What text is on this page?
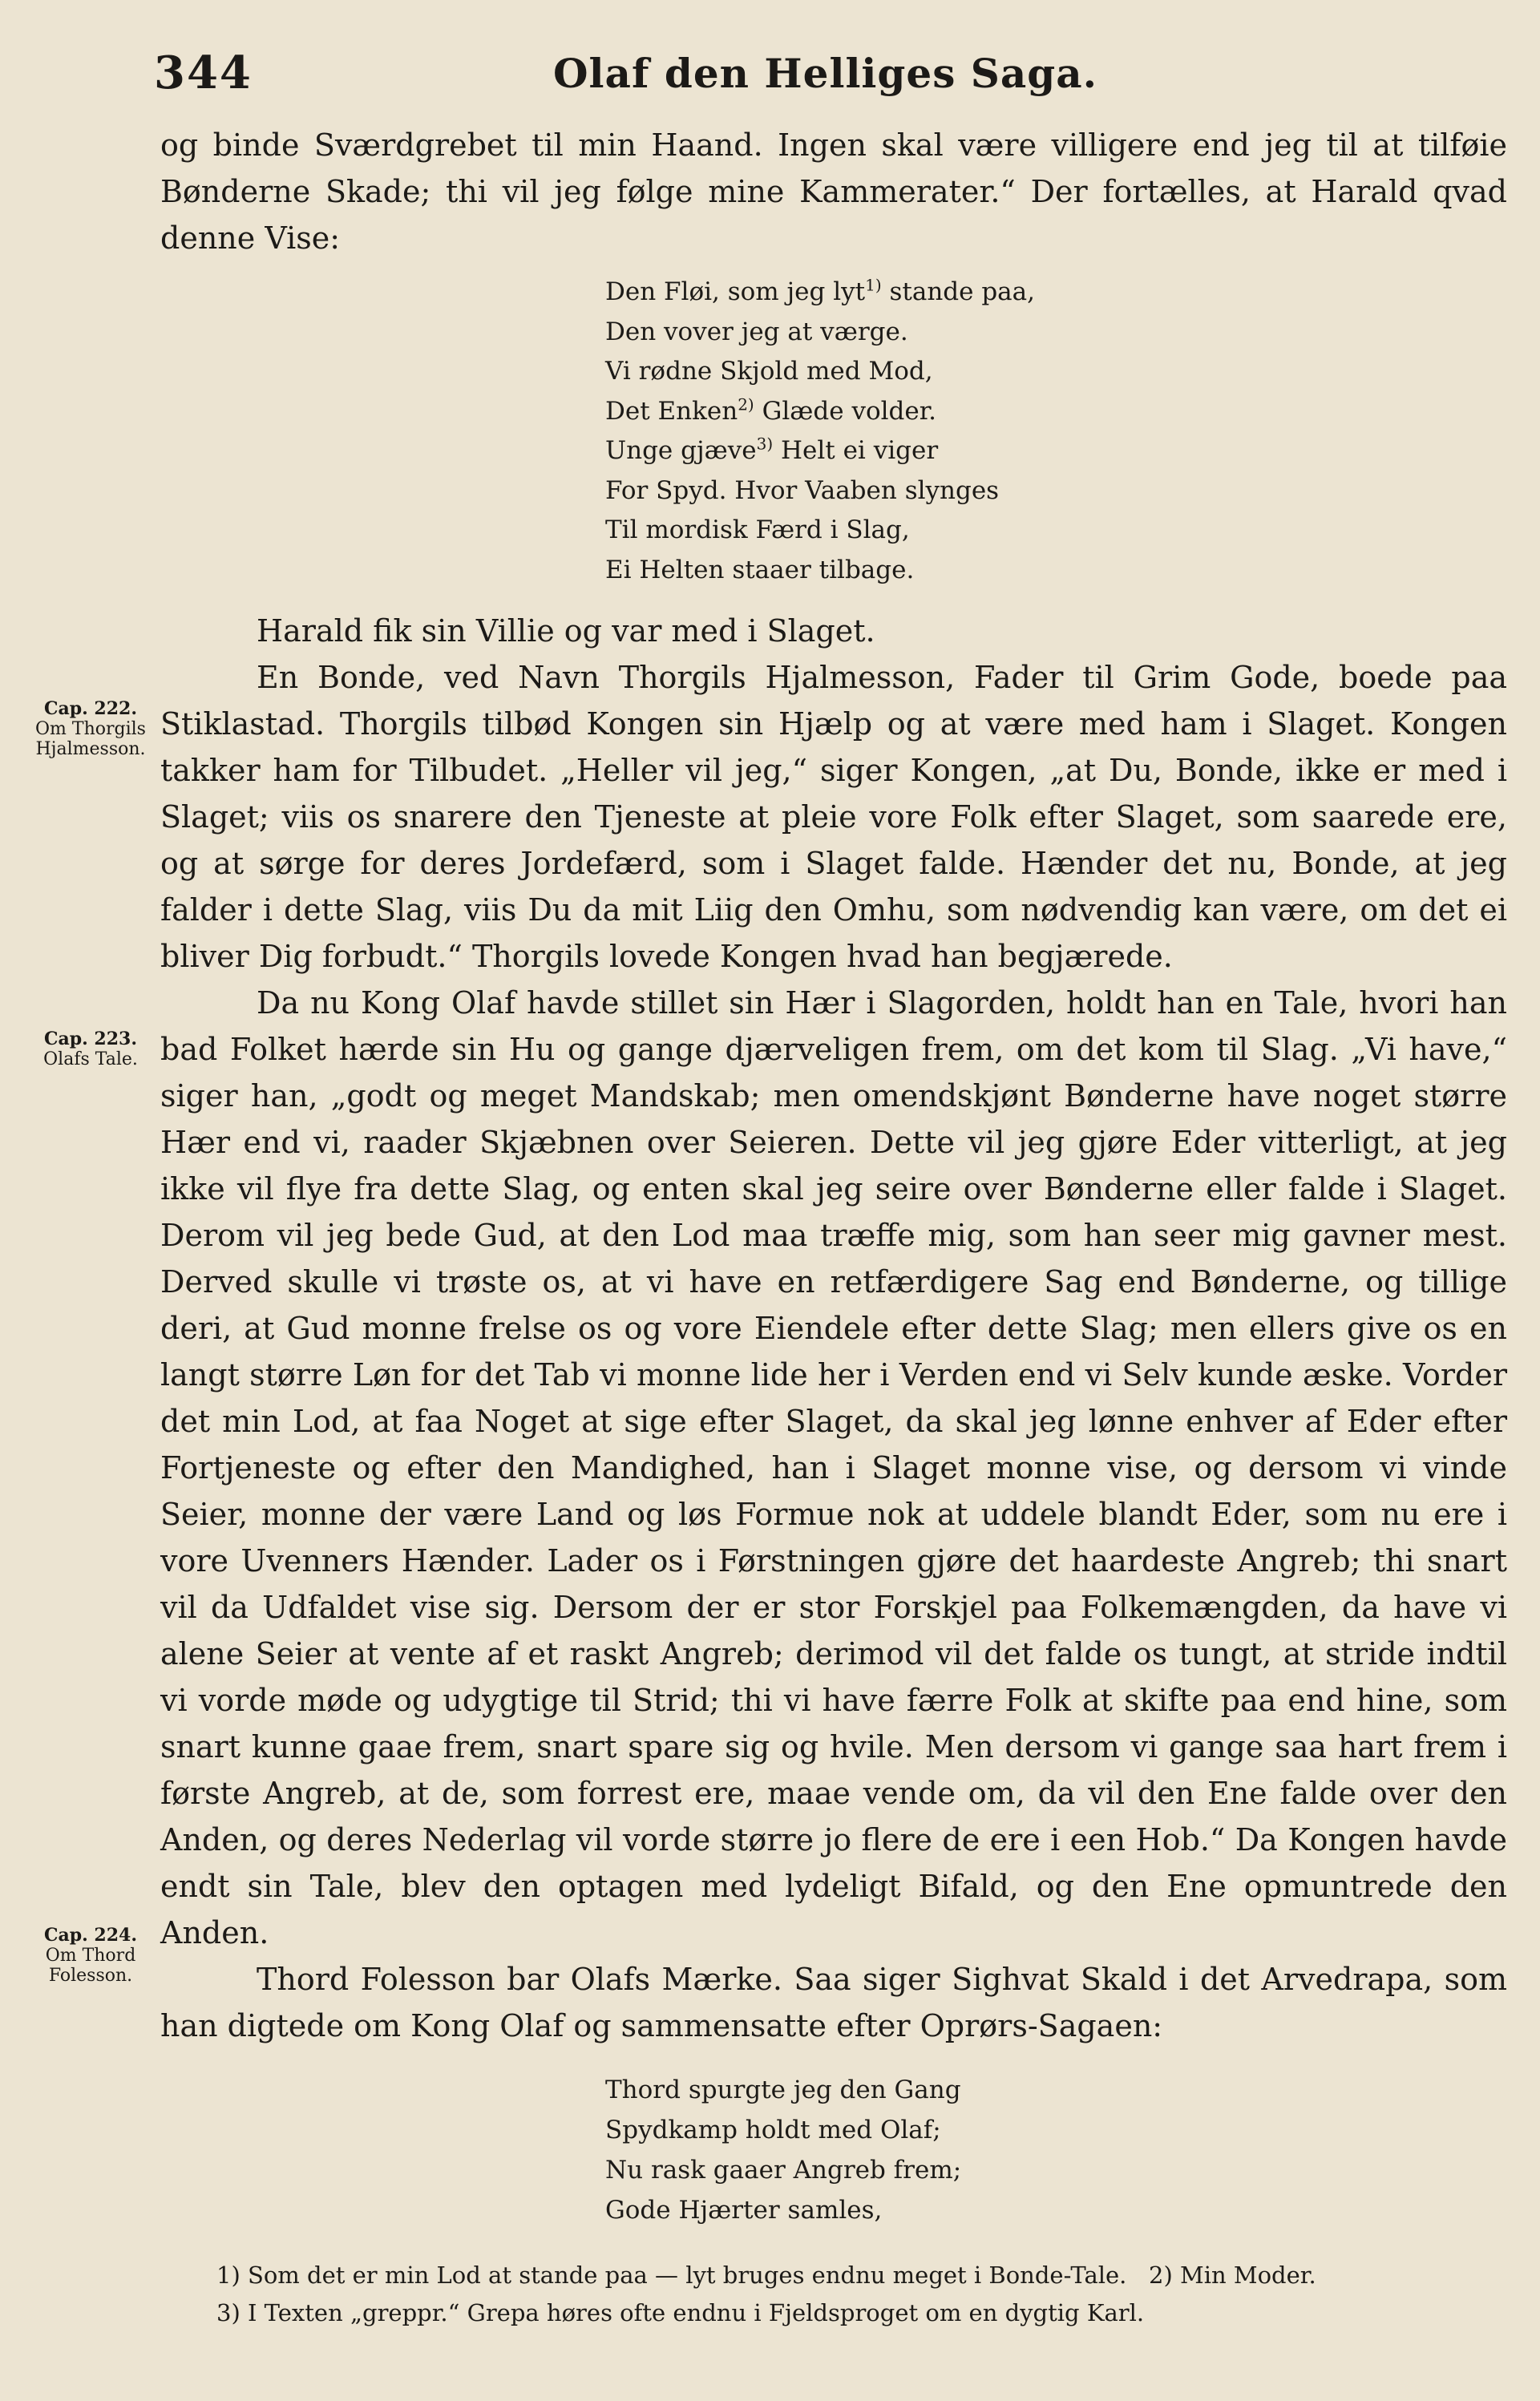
344	Olaf den Helliges Saga.

og binde Sværdgrebet til min Haand. Ingen skal være villigere end jeg til at tilføie Bønderne Skade; thi vil jeg følge mine Kammerater.“ Der fortælles, at Harald qvad denne Vise:

Den Fløi, som jeg lyt$^{1)}$ stande paa,
Den vover jeg at værge.
Vi rødne Skjold med Mod,
Det Enken$^{2)}$ Glæde volder.
Unge gjæve$^{3)}$ Helt ei viger
For Spyd. Hvor Vaaben slynges
Til mordisk Færd i Slag,
Ei Helten staaer tilbage.

Harald fik sin Villie og var med i Slaget.

En Bonde, ved Navn Thorgils Hjalmesson, Fader til Grim Gode, boede paa Stiklastad. Thorgils tilbød Kongen sin Hjælp og at være med ham i Slaget. Kongen takker ham for Tilbudet. „Heller vil jeg,“ siger Kongen, „at Du, Bonde, ikke er med i Slaget; viis os snarere den Tjeneste at pleie vore Folk efter Slaget, som saarede ere, og at sørge for deres Jordefærd, som i Slaget falde. Hænder det nu, Bonde, at jeg falder i dette Slag, viis Du da mit Liig den Omhu, som nødvendig kan være, om det ei bliver Dig forbudt.“ Thorgils lovede Kongen hvad han begjærede.

Da nu Kong Olaf havde stillet sin Hær i Slagorden, holdt han en Tale, hvori han bad Folket hærde sin Hu og gange djærveligen frem, om det kom til Slag. „Vi have,“ siger han, „godt og meget Mandskab; men omendskjønt Bønderne have noget større Hær end vi, raader Skjæbnen over Seieren. Dette vil jeg gjøre Eder vitterligt, at jeg ikke vil flye fra dette Slag, og enten skal jeg seire over Bønderne eller falde i Slaget. Derom vil jeg bede Gud, at den Lod maa træffe mig, som han seer mig gavner mest. Derved skulle vi trøste os, at vi have en retfærdigere Sag end Bønderne, og tillige deri, at Gud monne frelse os og vore Eiendele efter dette Slag; men ellers give os en langt større Løn for det Tab vi monne lide her i Verden end vi Selv kunde æske. Vorder det min Lod, at faa Noget at sige efter Slaget, da skal jeg lønne enhver af Eder efter Fortjeneste og efter den Mandighed, han i Slaget monne vise, og dersom vi vinde Seier, monne der være Land og løs Formue nok at uddele blandt Eder, som nu ere i vore Uvenners Hænder. Lader os i Førstningen gjøre det haardeste Angreb; thi snart vil da Udfaldet vise sig. Dersom der er stor Forskjel paa Folkemængden, da have vi alene Seier at vente af et raskt Angreb; derimod vil det falde os tungt, at stride indtil vi vorde møde og udygtige til Strid; thi vi have færre Folk at skifte paa end hine, som snart kunne gaae frem, snart spare sig og hvile. Men dersom vi gange saa hart frem i første Angreb, at de, som forrest ere, maae vende om, da vil den Ene falde over den Anden, og deres Nederlag vil vorde større jo flere de ere i een Hob.“ Da Kongen havde endt sin Tale, blev den optagen med lydeligt Bifald, og den Ene opmuntrede den Anden.

Thord Folesson bar Olafs Mærke. Saa siger Sighvat Skald i det Arvedrapa, som han digtede om Kong Olaf og sammensatte efter Oprørs-Sagaen:

Thord spurgte jeg den Gang
Spydkamp holdt med Olaf;
Nu rask gaaer Angreb frem;
Gode Hjærter samles,
Cap. 222.
Om Thorgils Hjalmesson.
Cap. 223.
Olafs Tale.
Cap. 224.
Om Thord Folesson.
1) Som det er min Lod at stande paa — lyt bruges endnu meget i Bonde-Tale. 2) Min Moder.
3) I Texten „greppr.“ Grepa høres ofte endnu i Fjeldsproget om en dygtig Karl.
